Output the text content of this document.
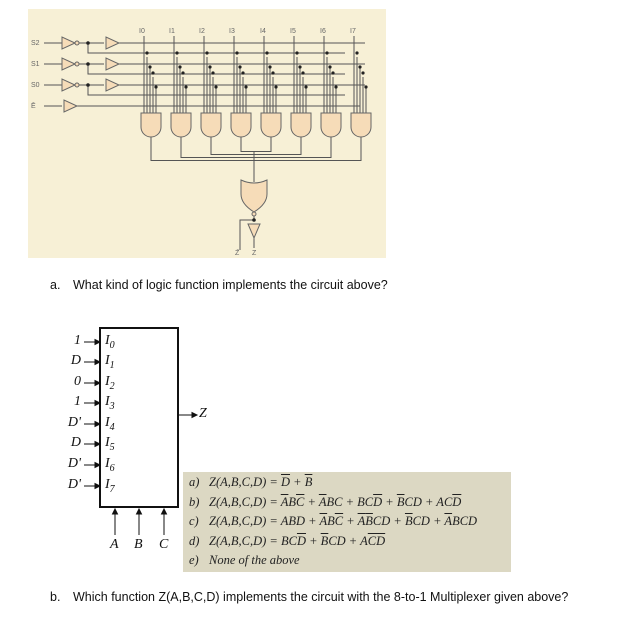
S2
S1
S0
Ē
I0	I1	I2	I3	I4	I5	I6	I7
Z̄ Z
a. What kind of logic function implements the circuit above?
1 $I_0$
D $I_1$
0 $I_2$
1 $I_3$
D' $I_4$
D $I_5$
D' $I_6$
D' $I_7$
Z
A B C
a) $Z(A,B,C,D) = \overline{D} + \overline{B}$
b) $Z(A,B,C,D) = \overline{A}B\overline{C} + \overline{A}BC + BC\overline{D} + \overline{B}CD + AC\overline{D}$
c) Z(A,B,C,D) = ABD + $\overline{A}B\overline{C} + \overline{A}\overline{B}CD + \overline{B}CD + \overline{A}BCD$
d) $Z(A,B,C,D) = BC\overline{D} + \overline{B}CD + A\overline{CD}$
e) None of the above
b. Which function Z(A,B,C,D) implements the circuit with the 8-to-1 Multiplexer given above?
